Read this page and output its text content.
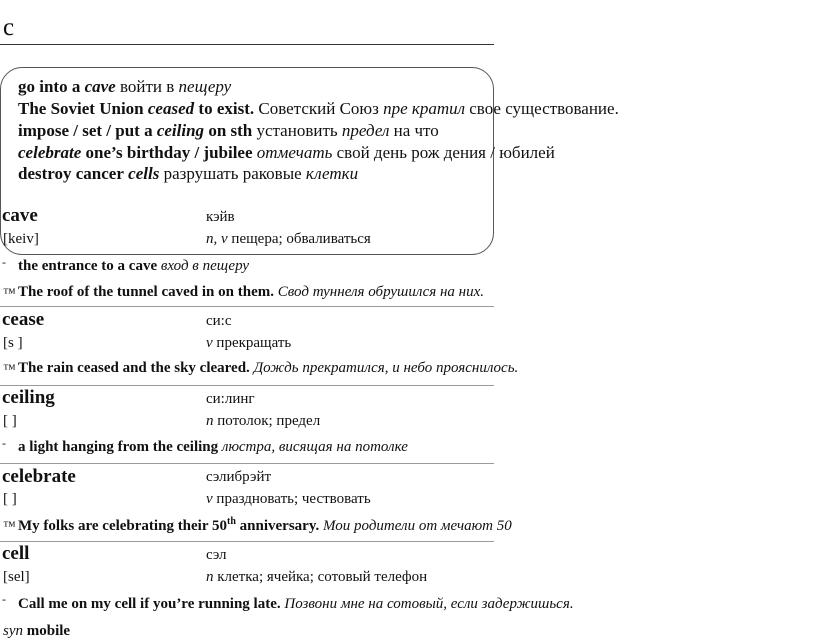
c
go into a cave войти в пещеру
The Soviet Union ceased to exist. Советский Союз пре кратил свое существование.
impose / set / put a ceiling on sth установить предел на что
celebrate one’s birthday / jubilee отмечать свой день рож дения / юбилей
destroy cancer cells разрушать раковые клетки
cave	кэйв
[keiv]	n, v пещера; обваливаться
- the entrance to a cave вход в пещеру
™ The roof of the tunnel caved in on them. Свод туннеля обрушился на них.
cease	си:с
[s ]	v прекращать
™ The rain ceased and the sky cleared. Дождь прекратился, и небо прояснилось.
ceiling	си:линг
[ ]	n потолок; предел
- a light hanging from the ceiling люстра, висящая на потолке
celebrate	сэлибрэйт
[ ]	v праздновать; чествовать
™ My folks are celebrating their 50th anniversary. Мои родители от мечают 50
cell	сэл
[sel]	n клетка; ячейка; сотовый телефон
- Call me on my cell if you’re running late. Позвони мне на сотовый, если задержишься.
syn mobile
